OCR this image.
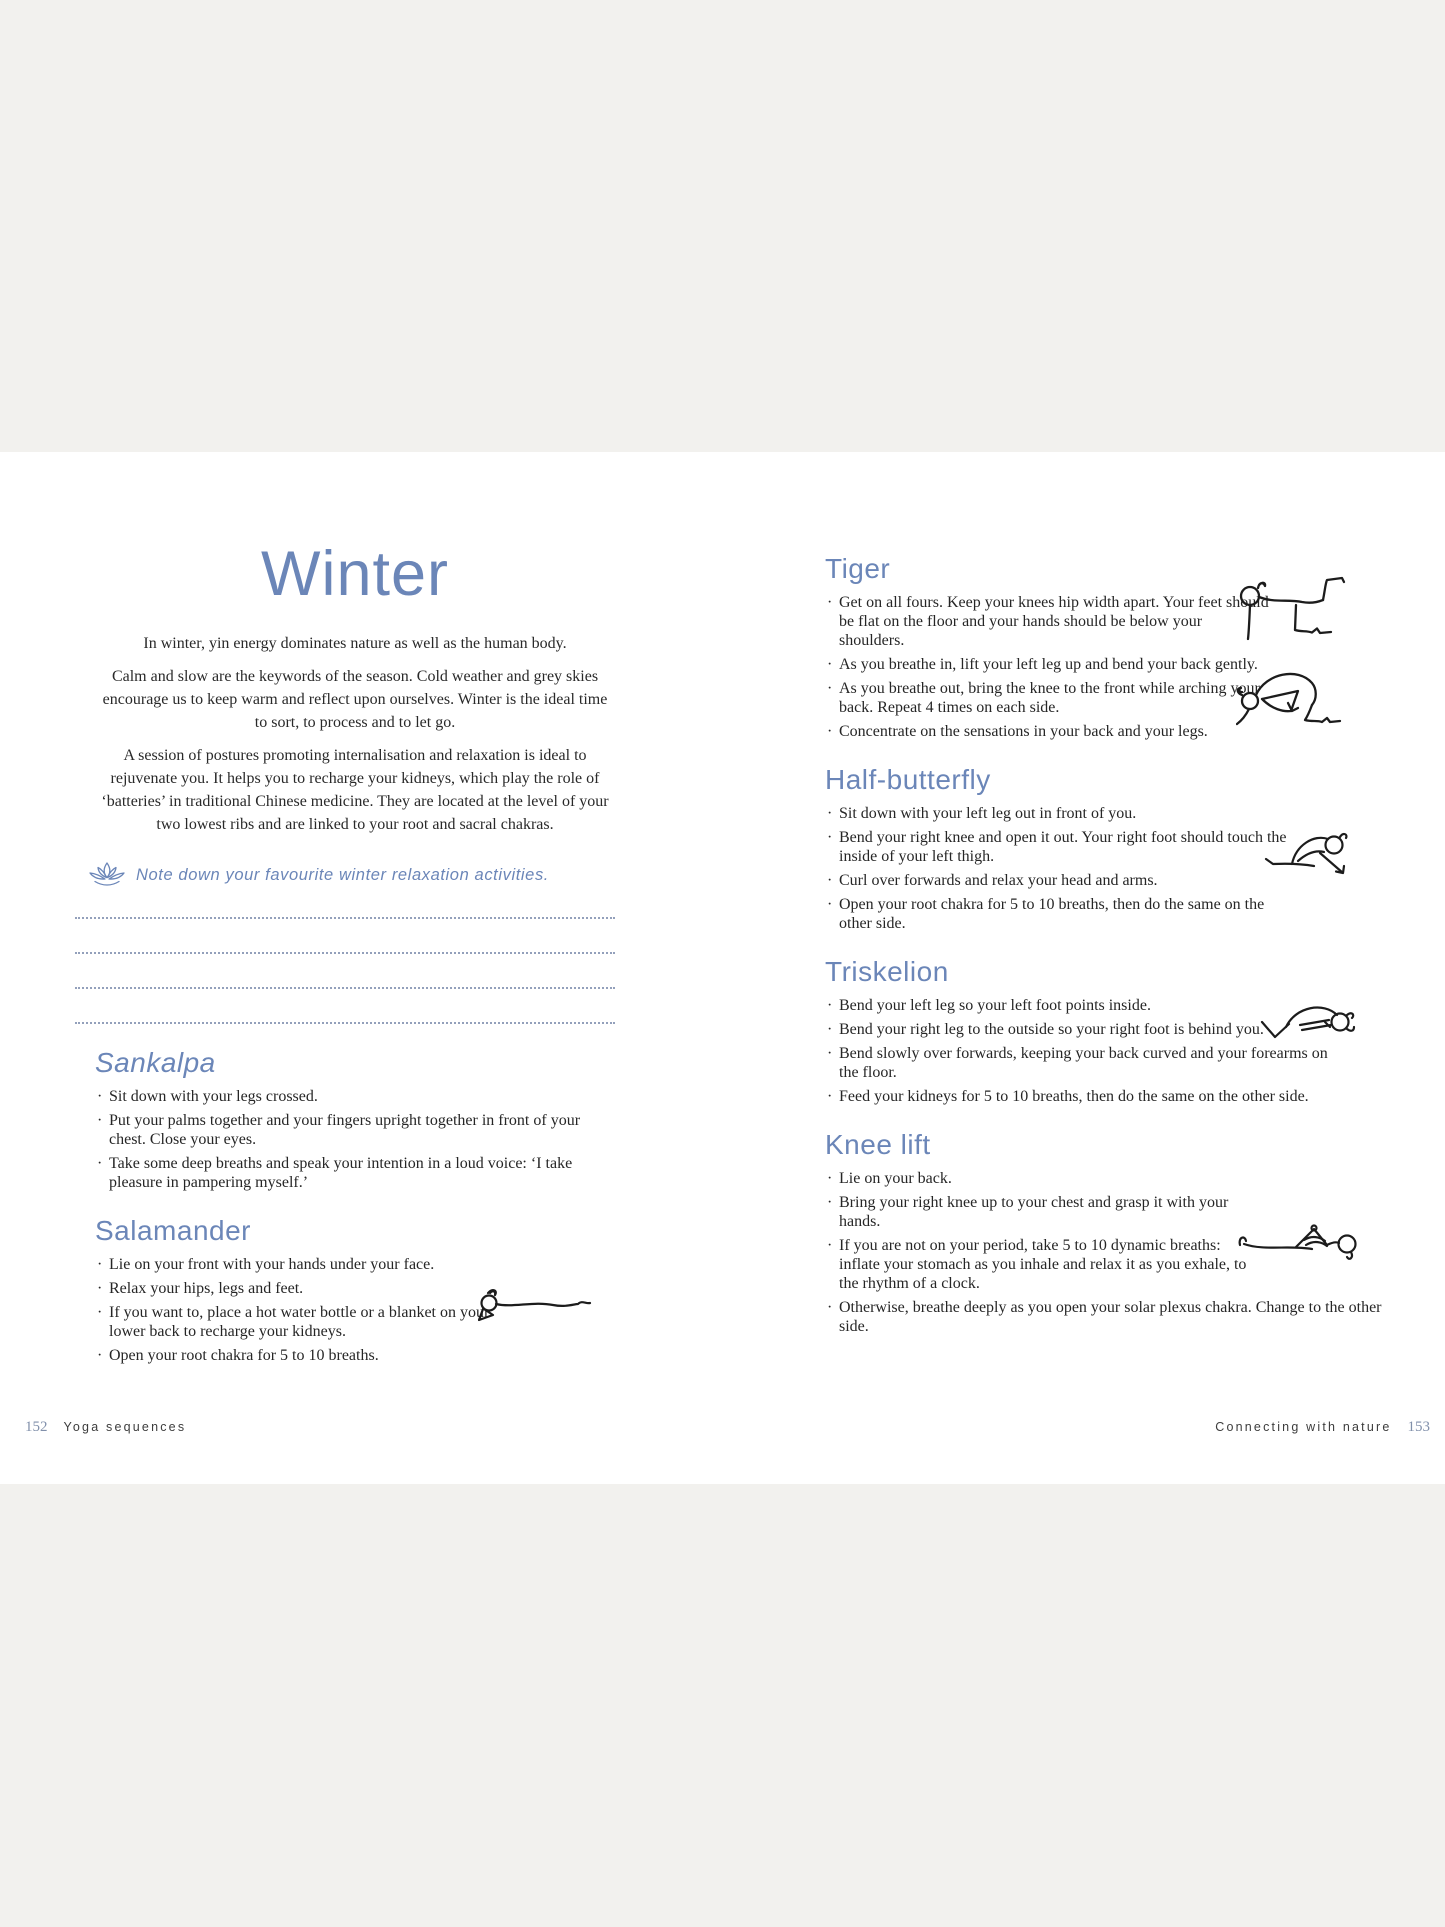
Winter

In winter, yin energy dominates nature as well as the human body.

Calm and slow are the keywords of the season. Cold weather and grey skies encourage us to keep warm and reflect upon ourselves. Winter is the ideal time to sort, to process and to let go.

A session of postures promoting internalisation and relaxation is ideal to rejuvenate you. It helps you to recharge your kidneys, which play the role of ‘batteries’ in traditional Chinese medicine. They are located at the level of your two lowest ribs and are linked to your root and sacral chakras.

Note down your favourite winter relaxation activities.
Sankalpa
· Sit down with your legs crossed.
· Put your palms together and your fingers upright together in front of your chest. Close your eyes.
· Take some deep breaths and speak your intention in a loud voice: ‘I take pleasure in pampering myself.’
Salamander
· Lie on your front with your hands under your face.
· Relax your hips, legs and feet.
· If you want to, place a hot water bottle or a blanket on your lower back to recharge your kidneys.
· Open your root chakra for 5 to 10 breaths.
Tiger
· Get on all fours. Keep your knees hip width apart. Your feet should be flat on the floor and your hands should be below your shoulders.
· As you breathe in, lift your left leg up and bend your back gently.
· As you breathe out, bring the knee to the front while arching your back. Repeat 4 times on each side.
· Concentrate on the sensations in your back and your legs.
Half-butterfly
· Sit down with your left leg out in front of you.
· Bend your right knee and open it out. Your right foot should touch the inside of your left thigh.
· Curl over forwards and relax your head and arms.
· Open your root chakra for 5 to 10 breaths, then do the same on the other side.
Triskelion
· Bend your left leg so your left foot points inside.
· Bend your right leg to the outside so your right foot is behind you.
· Bend slowly over forwards, keeping your back curved and your forearms on the floor.
· Feed your kidneys for 5 to 10 breaths, then do the same on the other side.
Knee lift
· Lie on your back.
· Bring your right knee up to your chest and grasp it with your hands.
· If you are not on your period, take 5 to 10 dynamic breaths: inflate your stomach as you inhale and relax it as you exhale, to the rhythm of a clock.
· Otherwise, breathe deeply as you open your solar plexus chakra. Change to the other side.
152 Yoga sequences	Connecting with nature 153
